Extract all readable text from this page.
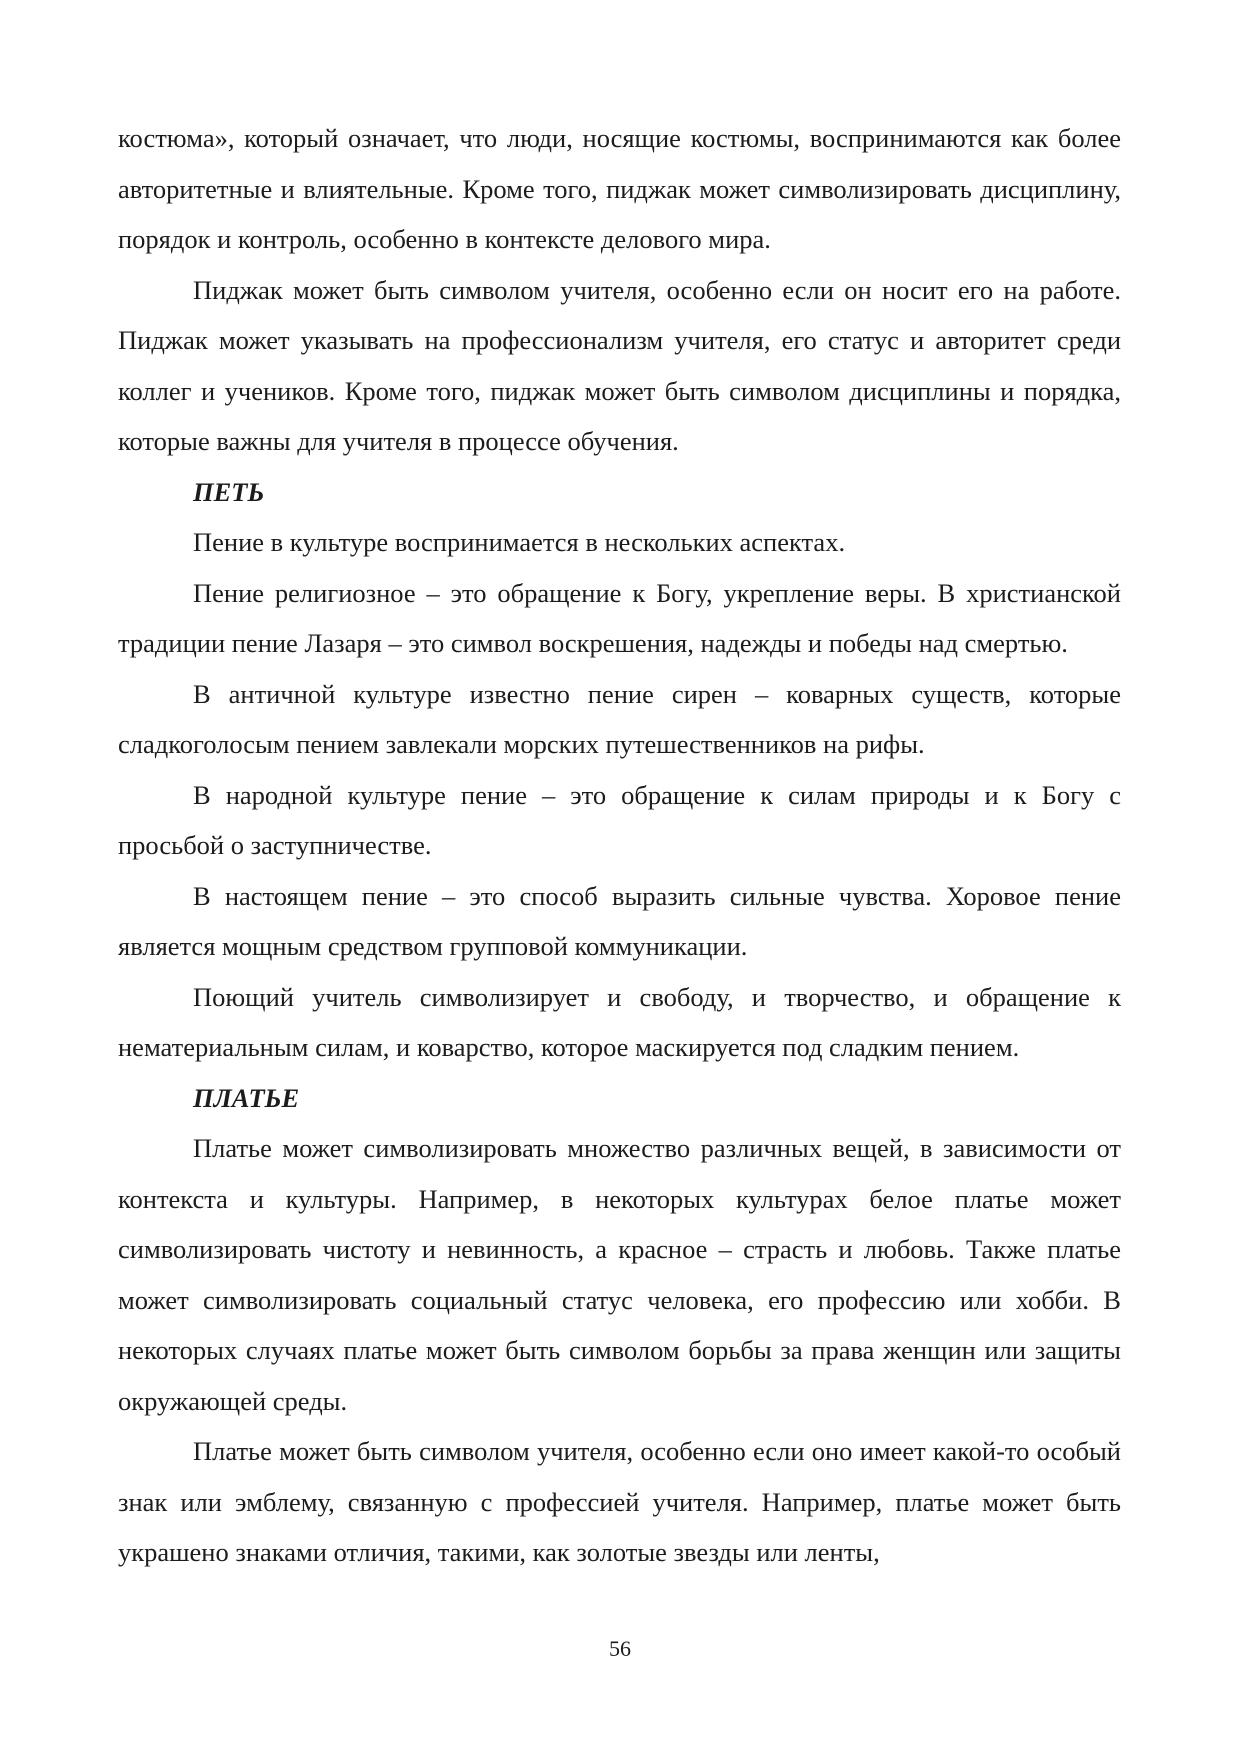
костюма», который означает, что люди, носящие костюмы, воспринимаются как более авторитетные и влиятельные. Кроме того, пиджак может символизировать дисциплину, порядок и контроль, особенно в контексте делового мира.

Пиджак может быть символом учителя, особенно если он носит его на работе. Пиджак может указывать на профессионализм учителя, его статус и авторитет среди коллег и учеников. Кроме того, пиджак может быть символом дисциплины и порядка, которые важны для учителя в процессе обучения.

ПЕТЬ

Пение в культуре воспринимается в нескольких аспектах.

Пение религиозное – это обращение к Богу, укрепление веры. В христианской традиции пение Лазаря – это символ воскрешения, надежды и победы над смертью.

В античной культуре известно пение сирен – коварных существ, которые сладкоголосым пением завлекали морских путешественников на рифы.

В народной культуре пение – это обращение к силам природы и к Богу с просьбой о заступничестве.

В настоящем пение – это способ выразить сильные чувства. Хоровое пение является мощным средством групповой коммуникации.

Поющий учитель символизирует и свободу, и творчество, и обращение к нематериальным силам, и коварство, которое маскируется под сладким пением.

ПЛАТЬЕ

Платье может символизировать множество различных вещей, в зависимости от контекста и культуры. Например, в некоторых культурах белое платье может символизировать чистоту и невинность, а красное – страсть и любовь. Также платье может символизировать социальный статус человека, его профессию или хобби. В некоторых случаях платье может быть символом борьбы за права женщин или защиты окружающей среды.

Платье может быть символом учителя, особенно если оно имеет какой-то особый знак или эмблему, связанную с профессией учителя. Например, платье может быть украшено знаками отличия, такими, как золотые звезды или ленты,

56
